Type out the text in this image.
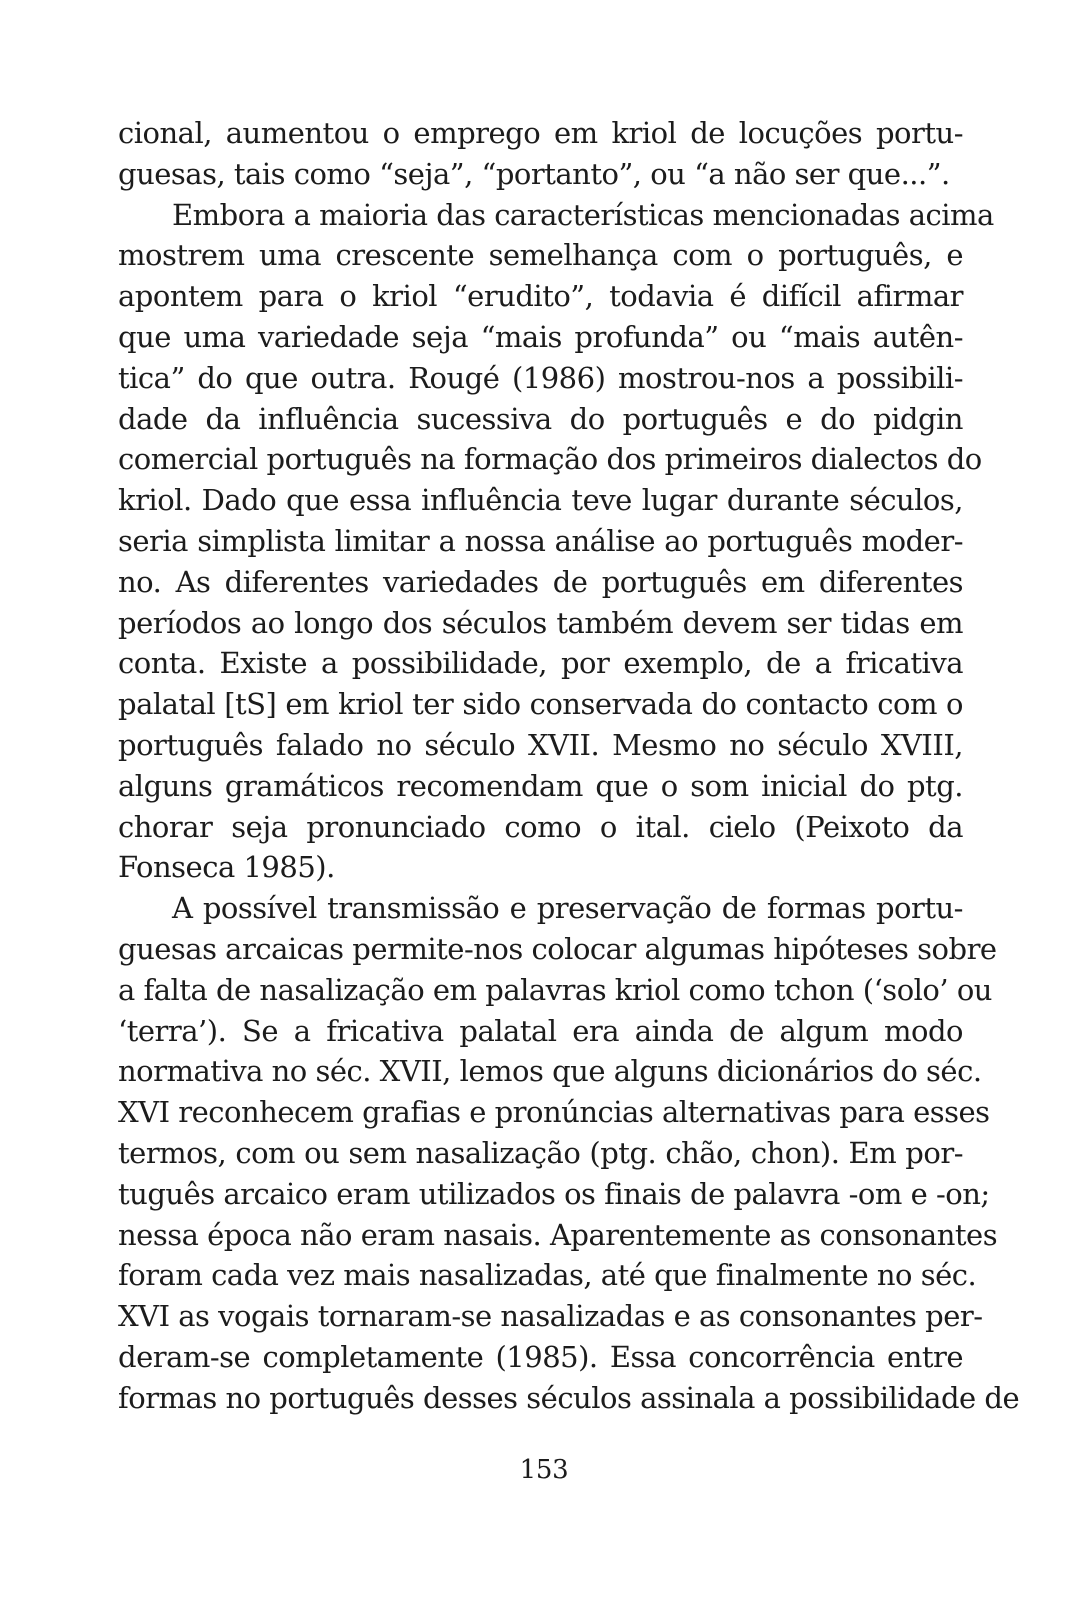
cional, aumentou o emprego em kriol de locuções portu-
guesas, tais como “seja”, “portanto”, ou “a não ser que...”.
Embora a maioria das características mencionadas acima
mostrem uma crescente semelhança com o português, e
apontem para o kriol “erudito”, todavia é difícil afirmar
que uma variedade seja “mais profunda” ou “mais autên-
tica” do que outra. Rougé (1986) mostrou-nos a possibili-
dade da influência sucessiva do português e do pidgin
comercial português na formação dos primeiros dialectos do
kriol. Dado que essa influência teve lugar durante séculos,
seria simplista limitar a nossa análise ao português moder-
no. As diferentes variedades de português em diferentes
períodos ao longo dos séculos também devem ser tidas em
conta. Existe a possibilidade, por exemplo, de a fricativa
palatal [tS] em kriol ter sido conservada do contacto com o
português falado no século XVII. Mesmo no século XVIII,
alguns gramáticos recomendam que o som inicial do ptg.
chorar seja pronunciado como o ital. cielo (Peixoto da
Fonseca 1985).
A possível transmissão e preservação de formas portu-
guesas arcaicas permite-nos colocar algumas hipóteses sobre
a falta de nasalização em palavras kriol como tchon (‘solo’ ou
‘terra’). Se a fricativa palatal era ainda de algum modo
normativa no séc. XVII, lemos que alguns dicionários do séc.
XVI reconhecem grafias e pronúncias alternativas para esses
termos, com ou sem nasalização (ptg. chão, chon). Em por-
tuguês arcaico eram utilizados os finais de palavra -om e -on;
nessa época não eram nasais. Aparentemente as consonantes
foram cada vez mais nasalizadas, até que finalmente no séc.
XVI as vogais tornaram-se nasalizadas e as consonantes per-
deram-se completamente (1985). Essa concorrência entre
formas no português desses séculos assinala a possibilidade de
153
